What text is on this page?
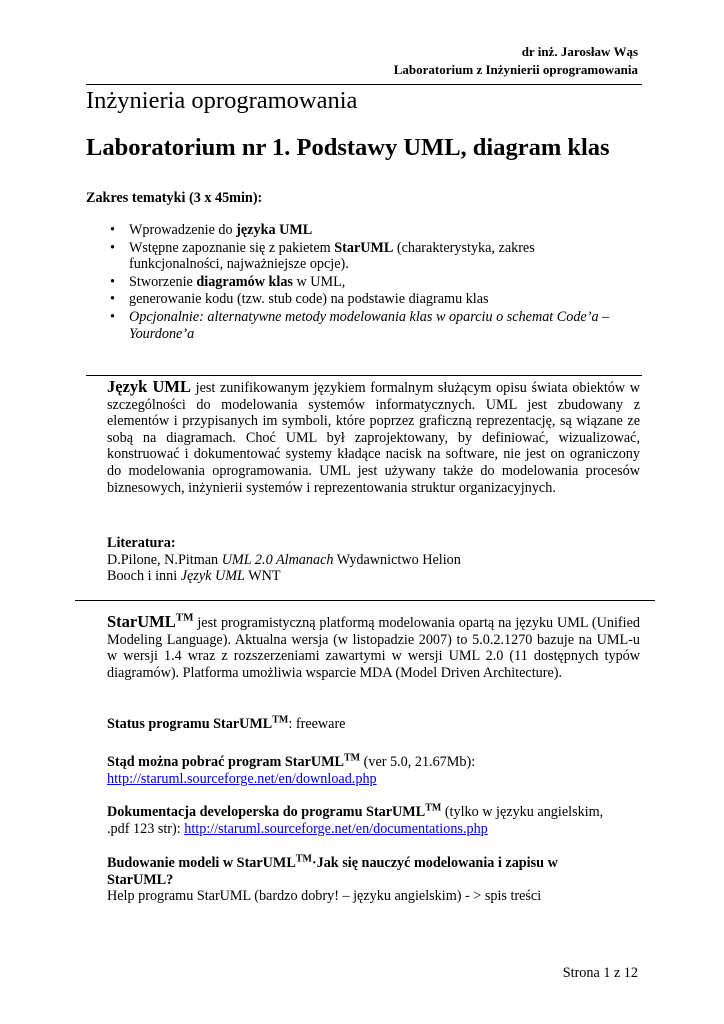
dr inż. Jarosław Wąs
Laboratorium z Inżynierii oprogramowania
Inżynieria oprogramowania
Laboratorium nr 1. Podstawy UML, diagram klas
Zakres tematyki (3 x 45min):
• Wprowadzenie do języka UML
• Wstępne zapoznanie się z pakietem StarUML (charakterystyka, zakres
funkcjonalności, najważniejsze opcje).
• Stworzenie diagramów klas w UML,
• generowanie kodu (tzw. stub code) na podstawie diagramu klas
• Opcjonalnie: alternatywne metody modelowania klas w oparciu o schemat Code’a –
Yourdone’a
Język UML jest zunifikowanym językiem formalnym służącym opisu świata obiektów w szczególności do modelowania systemów informatycznych. UML jest zbudowany z elementów i przypisanych im symboli, które poprzez graficzną reprezentację, są wiązane ze sobą na diagramach. Choć UML był zaprojektowany, by definiować, wizualizować, konstruować i dokumentować systemy kładące nacisk na software, nie jest on ograniczony do modelowania oprogramowania. UML jest używany także do modelowania procesów biznesowych, inżynierii systemów i reprezentowania struktur organizacyjnych.
Literatura:
D.Pilone, N.Pitman UML 2.0 Almanach Wydawnictwo Helion
Booch i inni Język UML WNT
StarUML™ jest programistyczną platformą modelowania opartą na języku UML (Unified Modeling Language). Aktualna wersja (w listopadzie 2007) to 5.0.2.1270 bazuje na UML-u w wersji 1.4 wraz z rozszerzeniami zawartymi w wersji UML 2.0 (11 dostępnych typów diagramów). Platforma umożliwia wsparcie MDA (Model Driven Architecture).
Status programu StarUML™: freeware
Stąd można pobrać program StarUML™ (ver 5.0, 21.67Mb):
http://staruml.sourceforge.net/en/download.php
Dokumentacja developerska do programu StarUML™ (tylko w języku angielskim,
.pdf 123 str): http://staruml.sourceforge.net/en/documentations.php
Budowanie modeli w StarUML™·Jak się nauczyć modelowania i zapisu w
StarUML?
Help programu StarUML (bardzo dobry! – języku angielskim) - > spis treści
Strona 1 z 12
